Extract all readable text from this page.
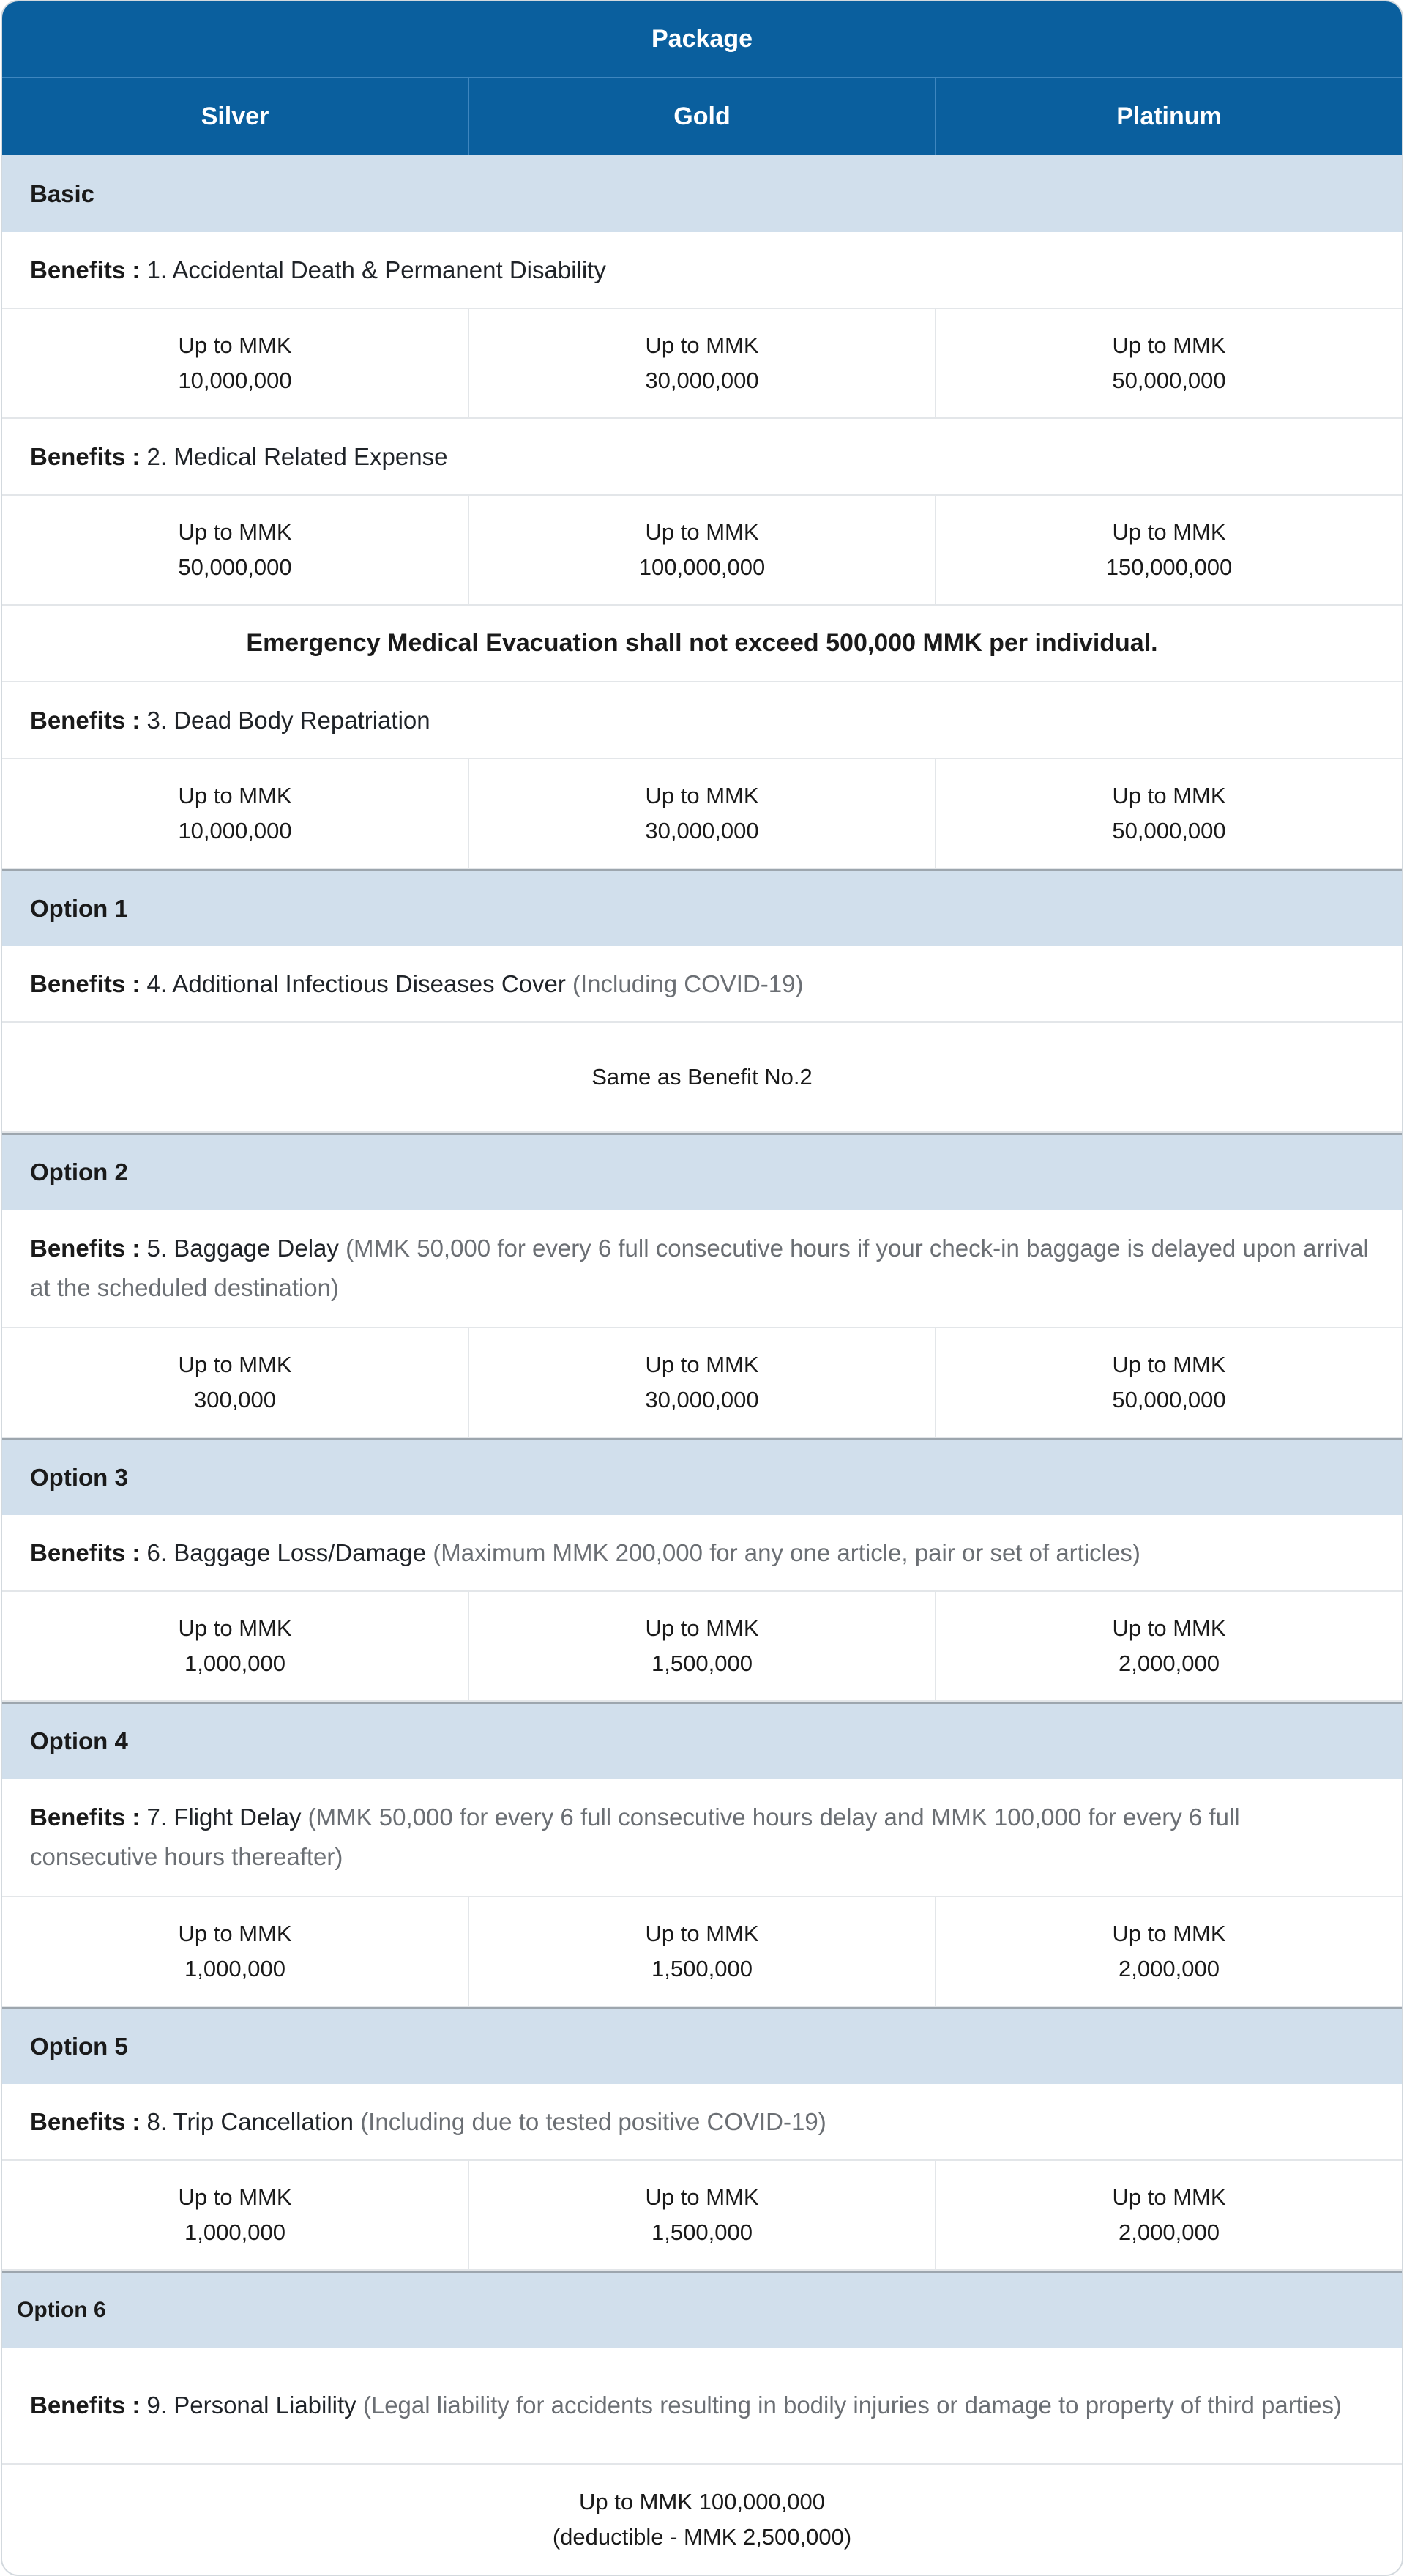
Package
Silver	Gold	Platinum
Basic
Benefits : 1. Accidental Death & Permanent Disability
Up to MMK
10,000,000
Up to MMK
30,000,000
Up to MMK
50,000,000
Benefits : 2. Medical Related Expense
Up to MMK
50,000,000
Up to MMK
100,000,000
Up to MMK
150,000,000
Emergency Medical Evacuation shall not exceed 500,000 MMK per individual.
Benefits : 3. Dead Body Repatriation
Up to MMK
10,000,000
Up to MMK
30,000,000
Up to MMK
50,000,000
Option 1
Benefits : 4. Additional Infectious Diseases Cover (Including COVID-19)
Same as Benefit No.2
Option 2
Benefits : 5. Baggage Delay (MMK 50,000 for every 6 full consecutive hours if your check-in baggage is delayed upon arrival at the scheduled destination)
Up to MMK
300,000
Up to MMK
30,000,000
Up to MMK
50,000,000
Option 3
Benefits : 6. Baggage Loss/Damage (Maximum MMK 200,000 for any one article, pair or set of articles)
Up to MMK
1,000,000
Up to MMK
1,500,000
Up to MMK
2,000,000
Option 4
Benefits : 7. Flight Delay (MMK 50,000 for every 6 full consecutive hours delay and MMK 100,000 for every 6 full consecutive hours thereafter)
Up to MMK
1,000,000
Up to MMK
1,500,000
Up to MMK
2,000,000
Option 5
Benefits : 8. Trip Cancellation (Including due to tested positive COVID-19)
Up to MMK
1,000,000
Up to MMK
1,500,000
Up to MMK
2,000,000
Option 6
Benefits : 9. Personal Liability (Legal liability for accidents resulting in bodily injuries or damage to property of third parties)
Up to MMK 100,000,000
(deductible - MMK 2,500,000)
